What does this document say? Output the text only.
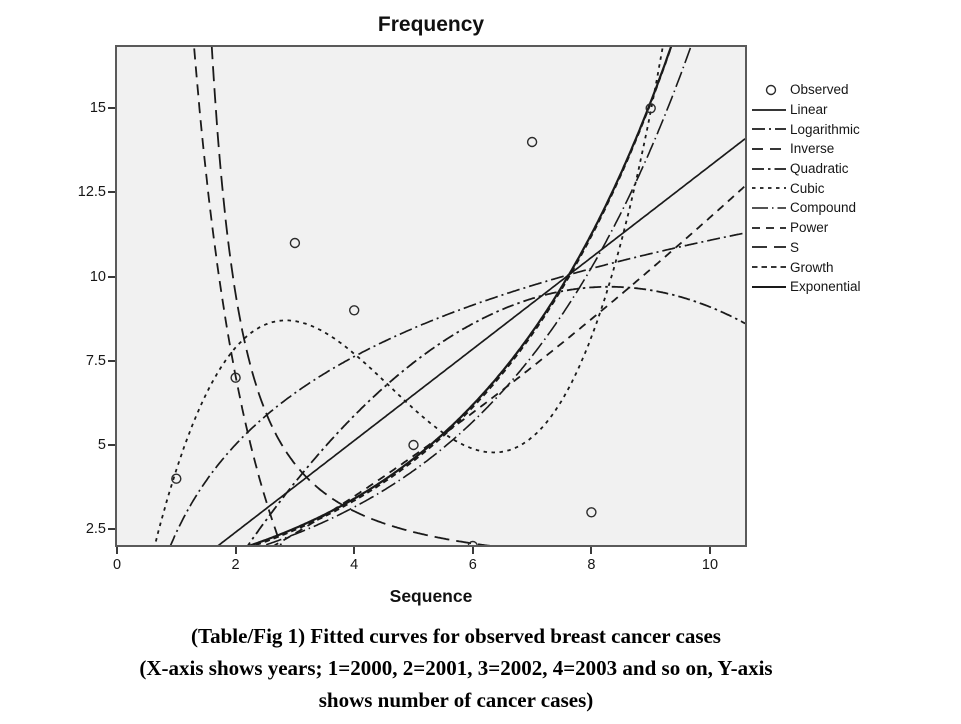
Frequency
15
12.5
10
7.5
5
2.5
0	2	4	6	8	10
Sequence
Observed
Linear
Logarithmic
Inverse
Quadratic
Cubic
Compound
Power
S
Growth
Exponential
(Table/Fig 1) Fitted curves for observed breast cancer cases
(X-axis shows years; 1=2000, 2=2001, 3=2002, 4=2003 and so on, Y-axis
shows number of cancer cases)
